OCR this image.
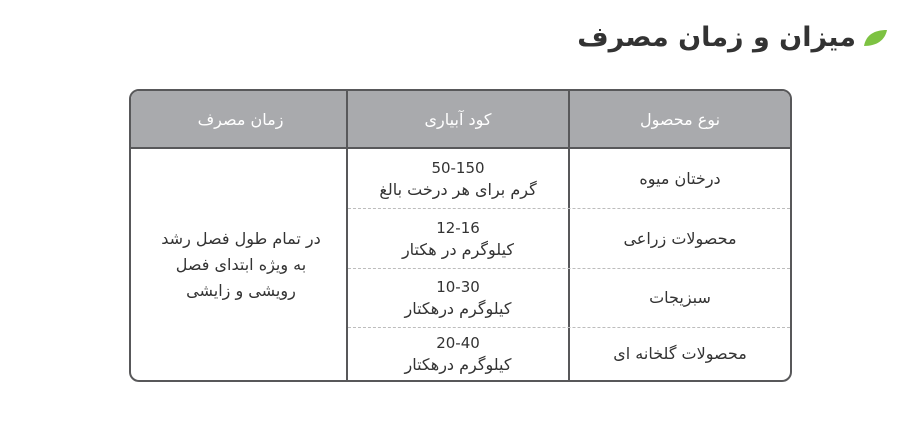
میزان و زمان مصرف
نوع محصول
کود آبیاری
زمان مصرف
درختان میوه
50-150
گرم برای هر درخت بالغ
محصولات زراعی
12-16
کیلوگرم در هکتار
سبزیجات
10-30
کیلوگرم درهکتار
محصولات گلخانه ای
20-40
کیلوگرم درهکتار
در تمام طول فصل رشد
به ویژه ابتدای فصل
رویشی و زایشی
